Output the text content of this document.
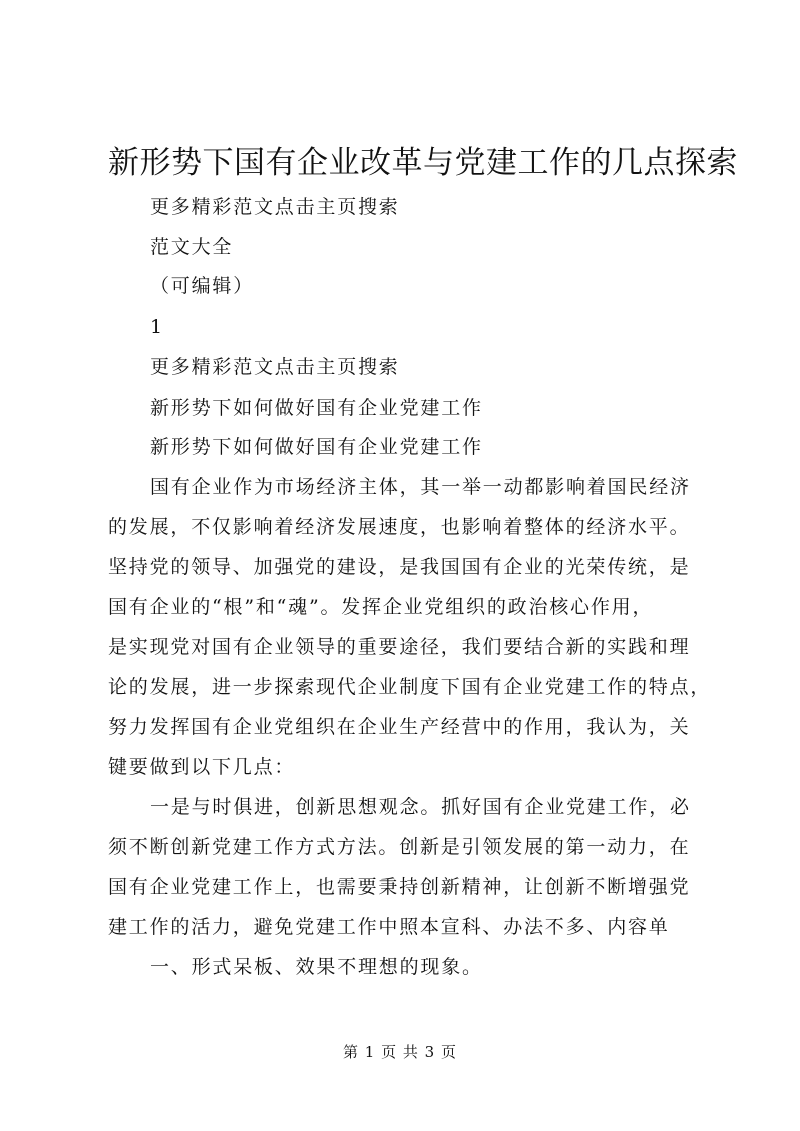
新形势下国有企业改革与党建工作的几点探索
更多精彩范文点击主页搜索
范文大全
（可编辑）
1
更多精彩范文点击主页搜索
新形势下如何做好国有企业党建工作
新形势下如何做好国有企业党建工作
国有企业作为市场经济主体，其一举一动都影响着国民经济
的发展，不仅影响着经济发展速度，也影响着整体的经济水平。
坚持党的领导、加强党的建设，是我国国有企业的光荣传统，是
国有企业的“根”和“魂”。发挥企业党组织的政治核心作用，
是实现党对国有企业领导的重要途径，我们要结合新的实践和理
论的发展，进一步探索现代企业制度下国有企业党建工作的特点，
努力发挥国有企业党组织在企业生产经营中的作用，我认为，关
键要做到以下几点：
一是与时俱进，创新思想观念。抓好国有企业党建工作，必
须不断创新党建工作方式方法。创新是引领发展的第一动力，在
国有企业党建工作上，也需要秉持创新精神，让创新不断增强党
建工作的活力，避免党建工作中照本宣科、办法不多、内容单
一、形式呆板、效果不理想的现象。
第 1 页 共 3 页
